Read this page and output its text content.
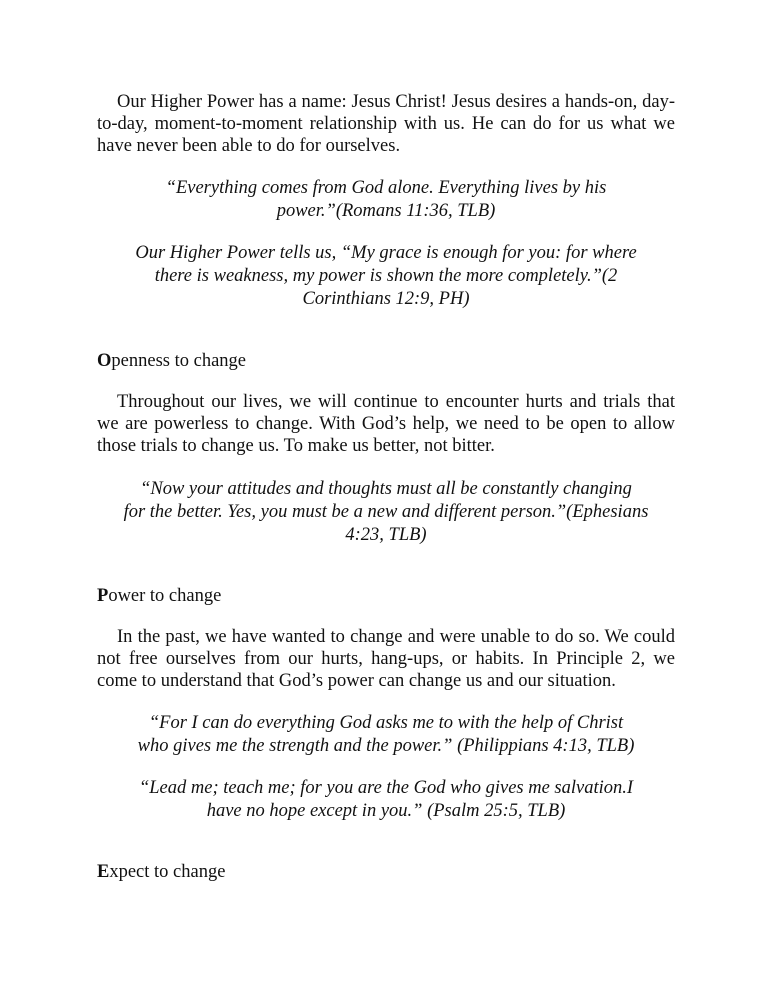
Our Higher Power has a name: Jesus Christ! Jesus desires a hands-on, day-to-day, moment-to-moment relationship with us. He can do for us what we have never been able to do for ourselves.

“Everything comes from God alone. Everything lives by his
power.”(Romans 11:36, TLB)
Our Higher Power tells us, “My grace is enough for you: for where
there is weakness, my power is shown the more completely.”(2
Corinthians 12:9, PH)

Openness to change

Throughout our lives, we will continue to encounter hurts and trials that we are powerless to change. With God’s help, we need to be open to allow those trials to change us. To make us better, not bitter.

“Now your attitudes and thoughts must all be constantly changing
for the better. Yes, you must be a new and different person.”(Ephesians
4:23, TLB)

Power to change

In the past, we have wanted to change and were unable to do so. We could not free ourselves from our hurts, hang-ups, or habits. In Principle 2, we come to understand that God’s power can change us and our situation.

“For I can do everything God asks me to with the help of Christ
who gives me the strength and the power.” (Philippians 4:13, TLB)
“Lead me; teach me; for you are the God who gives me salvation.I
have no hope except in you.” (Psalm 25:5, TLB)

Expect to change
